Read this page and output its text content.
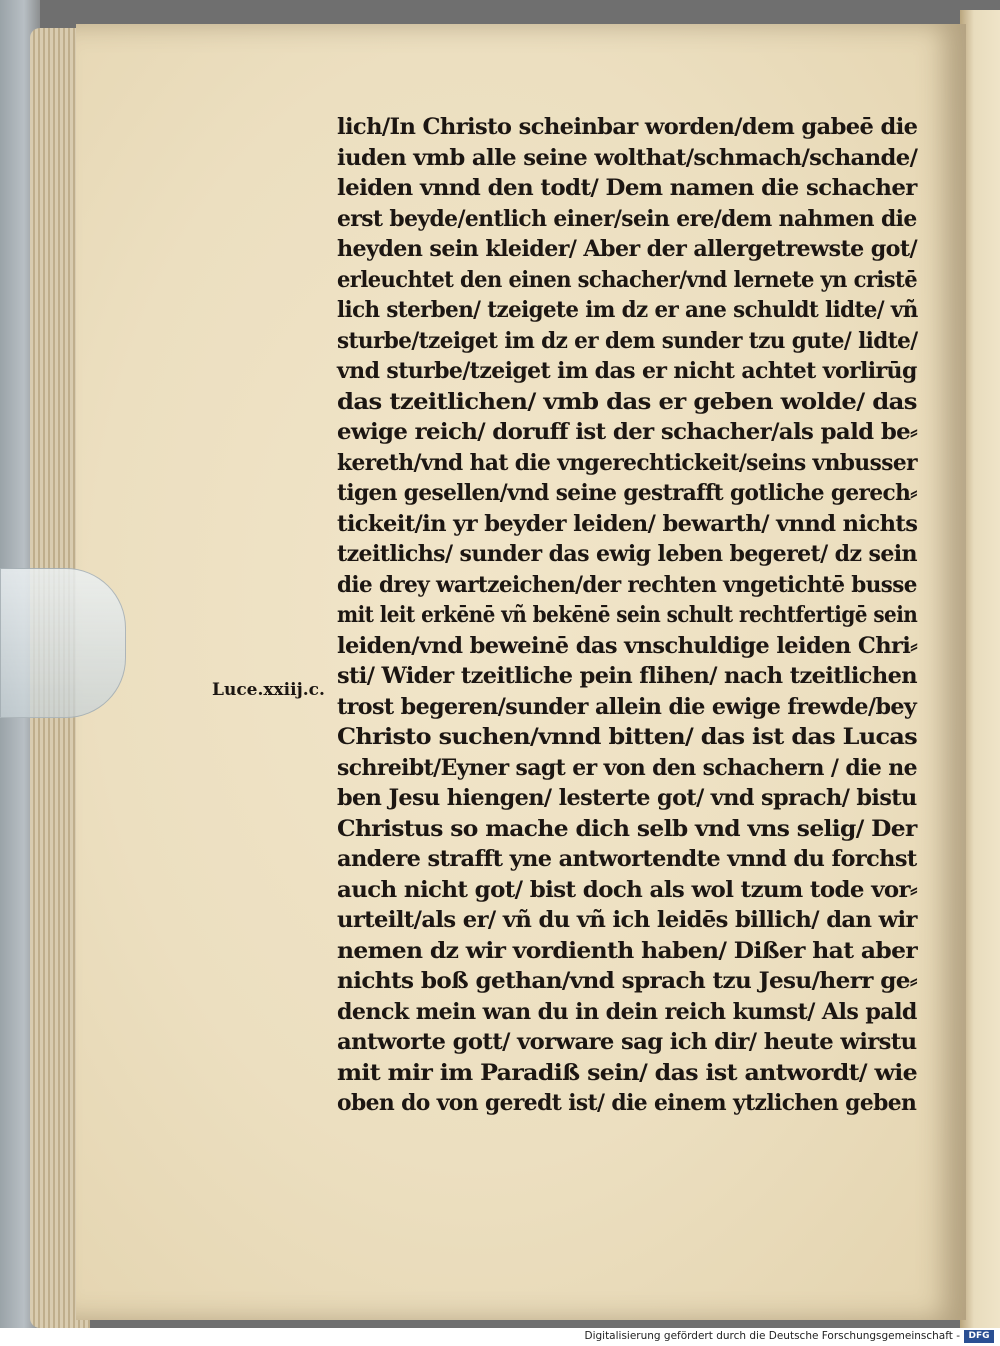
Luce.xxiij.c.
lich/In Christo scheinbar worden/dem gabeē die
iuden vmb alle seine wolthat/schmach/schande/
leiden vnnd den todt/ Dem namen die schacher
erst beyde/entlich einer/sein ere/dem nahmen die
heyden sein kleider/ Aber der allergetrewste got/
erleuchtet den einen schacher/vnd lernete yn cristē
lich sterben/ tzeigete im dz er ane schuldt lidte/ vñ
sturbe/tzeiget im dz er dem sunder tzu gute/ lidte/
vnd sturbe/tzeiget im das er nicht achtet vorlirūg
das tzeitlichen/ vmb das er geben wolde/ das
ewige reich/ doruff ist der schacher/als pald be⸗
kereth/vnd hat die vngerechtickeit/seins vnbusser
tigen gesellen/vnd seine gestrafft gotliche gerech⸗
tickeit/in yr beyder leiden/ bewarth/ vnnd nichts
tzeitlichs/ sunder das ewig leben begeret/ dz sein
die drey wartzeichen/der rechten vngetichtē busse
mit leit erkēnē vñ bekēnē sein schult rechtfertigē sein
leiden/vnd beweinē das vnschuldige leiden Chri⸗
sti/ Wider tzeitliche pein flihen/ nach tzeitlichen
trost begeren/sunder allein die ewige frewde/bey
Christo suchen/vnnd bitten/ das ist das Lucas
schreibt/Eyner sagt er von den schachern / die ne
ben Jesu hiengen/ lesterte got/ vnd sprach/ bistu
Christus so mache dich selb vnd vns selig/ Der
andere strafft yne antwortendte vnnd du forchst
auch nicht got/ bist doch als wol tzum tode vor⸗
urteilt/als er/ vñ du vñ ich leidēs billich/ dan wir
nemen dz wir vordienth haben/ Dißer hat aber
nichts boß gethan/vnd sprach tzu Jesu/herr ge⸗
denck mein wan du in dein reich kumst/ Als pald
antworte gott/ vorware sag ich dir/ heute wirstu
mit mir im Paradiß sein/ das ist antwordt/ wie
oben do von geredt ist/ die einem ytzlichen geben
Digitalisierung gefördert durch die Deutsche Forschungsgemeinschaft - DFG
